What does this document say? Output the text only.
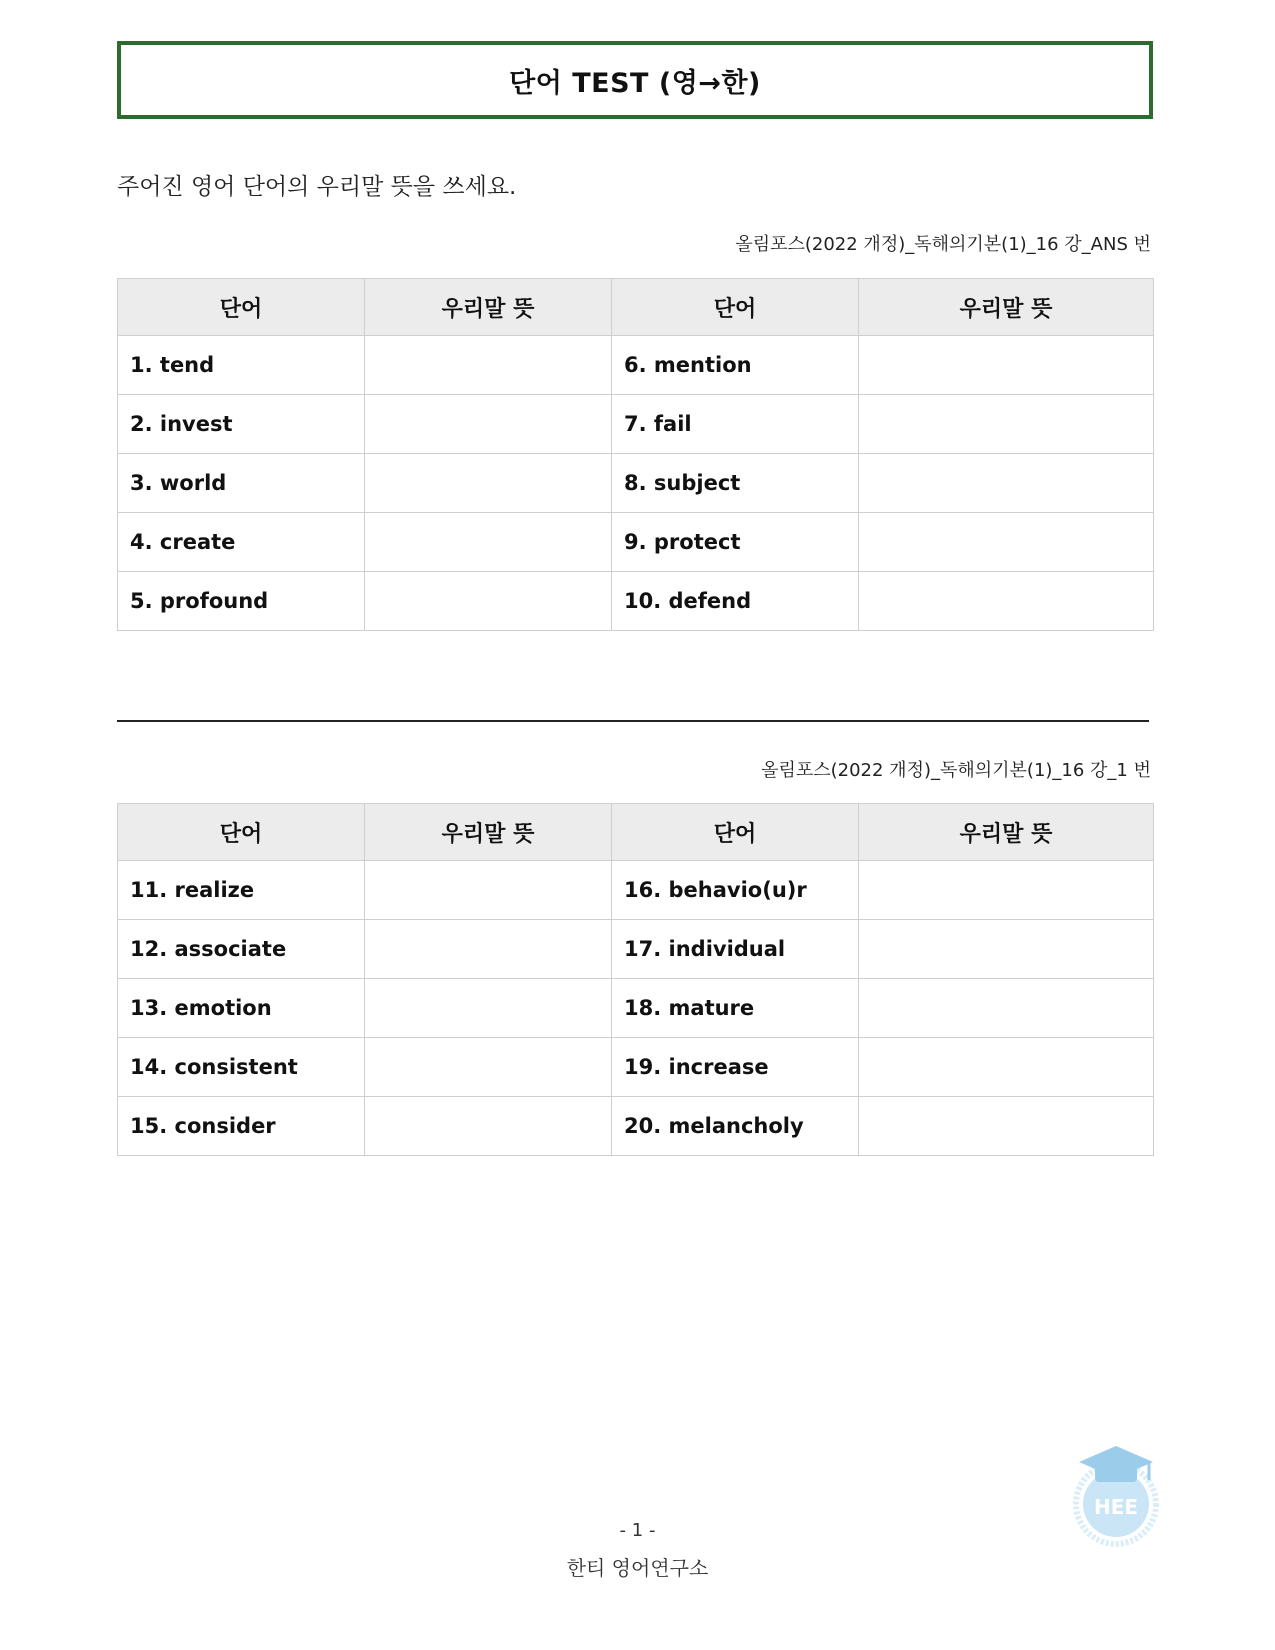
단어 TEST (영→한)
주어진 영어 단어의 우리말 뜻을 쓰세요.
올림포스(2022 개정)_독해의기본(1)_16 강_ANS 번
단어	우리말 뜻	단어	우리말 뜻
1. tend		6. mention	
2. invest		7. fail	
3. world		8. subject	
4. create		9. protect	
5. profound		10. defend	
올림포스(2022 개정)_독해의기본(1)_16 강_1 번
단어	우리말 뜻	단어	우리말 뜻
11. realize		16. behavio(u)r	
12. associate		17. individual	
13. emotion		18. mature	
14. consistent		19. increase	
15. consider		20. melancholy	
- 1 -
한티 영어연구소
HEE
